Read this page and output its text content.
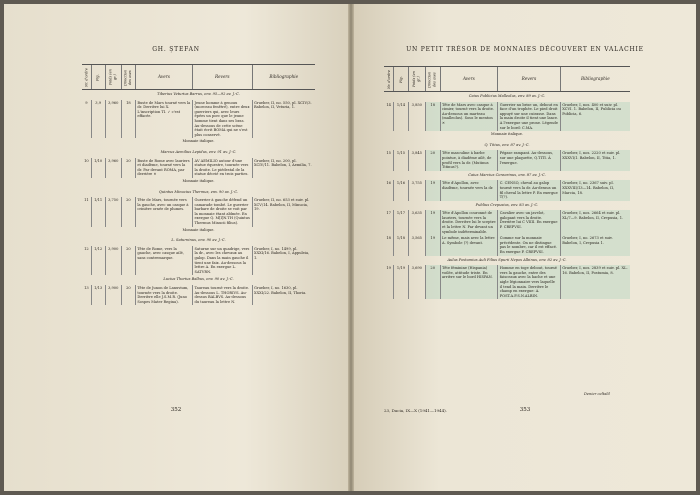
GH. ȘTEFAN
Nr. d'ordre	Fig.	Poids (en gr.)	Direction des axes	Avers	Revers	Bibliographie
Tiberius Veturius Barrus, env. 95—92 av. J.-C.						
9	3,9	3,960	18	Buste de Mars tourné vers la dr. Derrière lui X. L'inscription TI. ✓ c'est effacée.	Jeune homme à genoux (morceau fenêtré), entre deux guerriers qui, avec leurs épées un porc que le jeune homme tient dans ses bras. Au-dessous de cette scène était écrit BOMA qui ne s'est plus conservé.	Grueber, II, no. 550, pl. XCIV/3. Babelon, II, Veturia, 1.
Monnaie italique.						
Marcus Aemilius Lepidus, env. 91 av. J.-C.						
10	1/10	3,960	20	Buste de Rome avec lauriers et diadème, tourné vers la dr. Par devant ROMA, par derrière ✕	AV AEMILIO autour d'une statue équestre, tournée vers la droite. Le piédestal de la statue décrié en trois parties.	Grueber, II, no. 200, pl. XCIV/11. Babelon, I, Aemilia, 7.
Monnaie italique.						
Quintus Minucius Thermus, env. 90 av. J.-C.						
11	1/11	3,750	20	Tête de Mars, tournée vers la gauche, avec un casque à crinière ornée de plumes.	Guerrier à gauche défend un camarade tombé. Le guerrier barbare de droite se voit par la monnaie étant abîmée. En exergue Q. M[I]N.TH (Quintus Thermus Minucii filius).	Grueber, II, no. 653 et suiv. pl. XCV/14. Babelon, II, Minucia, 19.
Monnaie italique.						
L. Saturninus, env. 90 av. J.-C.						
12	1/12	3,900	20	Tête de Rome, vers la gauche, avec casque ailé, sans contremarque.	Saturne sur un quadrige, vers la dr., avec les chevaux au galop. Dans la main gauche il tient une faix. Au-dessous la lettre A. En exergue L. SATVRN.	Grueber, I, no. 1499, pl. XXXI/16. Babelon, I, Appuleia, 1.
Lucius Thorius Balbus, env. 90 av. J.-C.						
13	1/13	3,900	20	Tête de Junon de Lanuvium, tournée vers la droite. Derrière elle J.S.M.R. (Juno Sospes Mater Regina).	Taureau tourné vers la droite. Au-dessous L. THORIVS. Au-dessus BALBVS. Au-dessous du taureau la lettre N.	Grueber, I, no. 1630, pl. XXXI/22. Babelon, II, Thoria.
352
UN PETIT TRÉSOR DE MONNAIES DÉCOUVERT EN VALACHIE
Nr. d'ordre	Fig.	Poids (en gr.)	Direction des axes	Avers	Revers	Bibliographie
Caius Publicius Malleolus, env. 89 av. J.-C.						
14	1/14	3,850	18	Tête de Mars avec casque à cimier, tourné vers la droite. Au-dessous un marteau (malleolus). Sous le menton ✕	Guerrier nu brise un, debout en face d'un trophée. Le pied droit appuyé sur une cuirasse. Dans la main droite il tient une lance. A l'exergue une prone. Légende sur le bord: C.MA.	Grueber, I, nos. 400 et suiv. pl. XCVI. 1. Babelon, II, Publicia ou Poblicia, 6.
Monnaie italique.						
Q. Titius, env. 87 av. J.-C.						
15	1/15	3,845	20	Tête masculine à barbe pointue, à diadème ailé, de profil vers la dr. (Mutinus Titinus?).	Pégase rampant. Au-dessous, sur une plaquette, Q.TITI. À l'exergue.	Grueber, I, nos. 2220 et suiv. pl. XXXVI/1. Babelon, II, Titia, 1.
Caius Marcius Censorinus, env. 87 av. J.-C.						
16	1/16	3,755	19	Tête d'Apollon, avec diadème, tournée vers la dr.	C. CENSO, cheval au galop tourné vers la dr. Au-dessus un fil cheval la lettre P. En exergue T(?).	Grueber, I, no. 2367 suiv. pl. XXXVIII/13—14. Babelon, II, Marcia, 18.
Publius Crepusius, env. 83 av. J.-C.						
17	1/17	3,635	19	Tête d'Apollon couronné de lauriers, tournée vers la droite. Derrière lui le sceptre et la lettre N. Par devant un symbole indéterminable.	Cavalier avec un javelot, galopant vers la droite. Derrière lui C VIIII. En exergue P. CREPVSI.	Grueber, I, nos. 2664 et suiv. pl. XL/7—9. Babelon, II, Crepusia, 1.
18	1/18	3,565	19	Le même, mais avec la lettre A. Symbole (?) devant.	Comme sur la monnaie précédente. On ne distingue pas le nombre, car il est effacé. En exergue P. CREPVSI.	Grueber, I, no. 2673 et suiv. Babelon, I, Crepusia 1.
Aulus Postumius Auli Filius Spurii Nepos Albinus, env. 82 av. J.-C.						
19	1/19	3,690	20	Tête féminine (Hispania) voilée, attitude triste. En arrière sur le bord HISPAN.	Homme en toge debout, tourné vers la gauche, entre des faisceaux avec la hache et une aigle légionnaire vers laquelle il tend la main. Derrière le champ en exergue: A. POST.A.F.S.N.ALBIN.	Grueber, I, nos. 2839 et suiv. pl. XL. 16. Babelon, II, Postumia, 8.
Denier celtalil
23, Dacia, IX—X (1941—1944).	353
